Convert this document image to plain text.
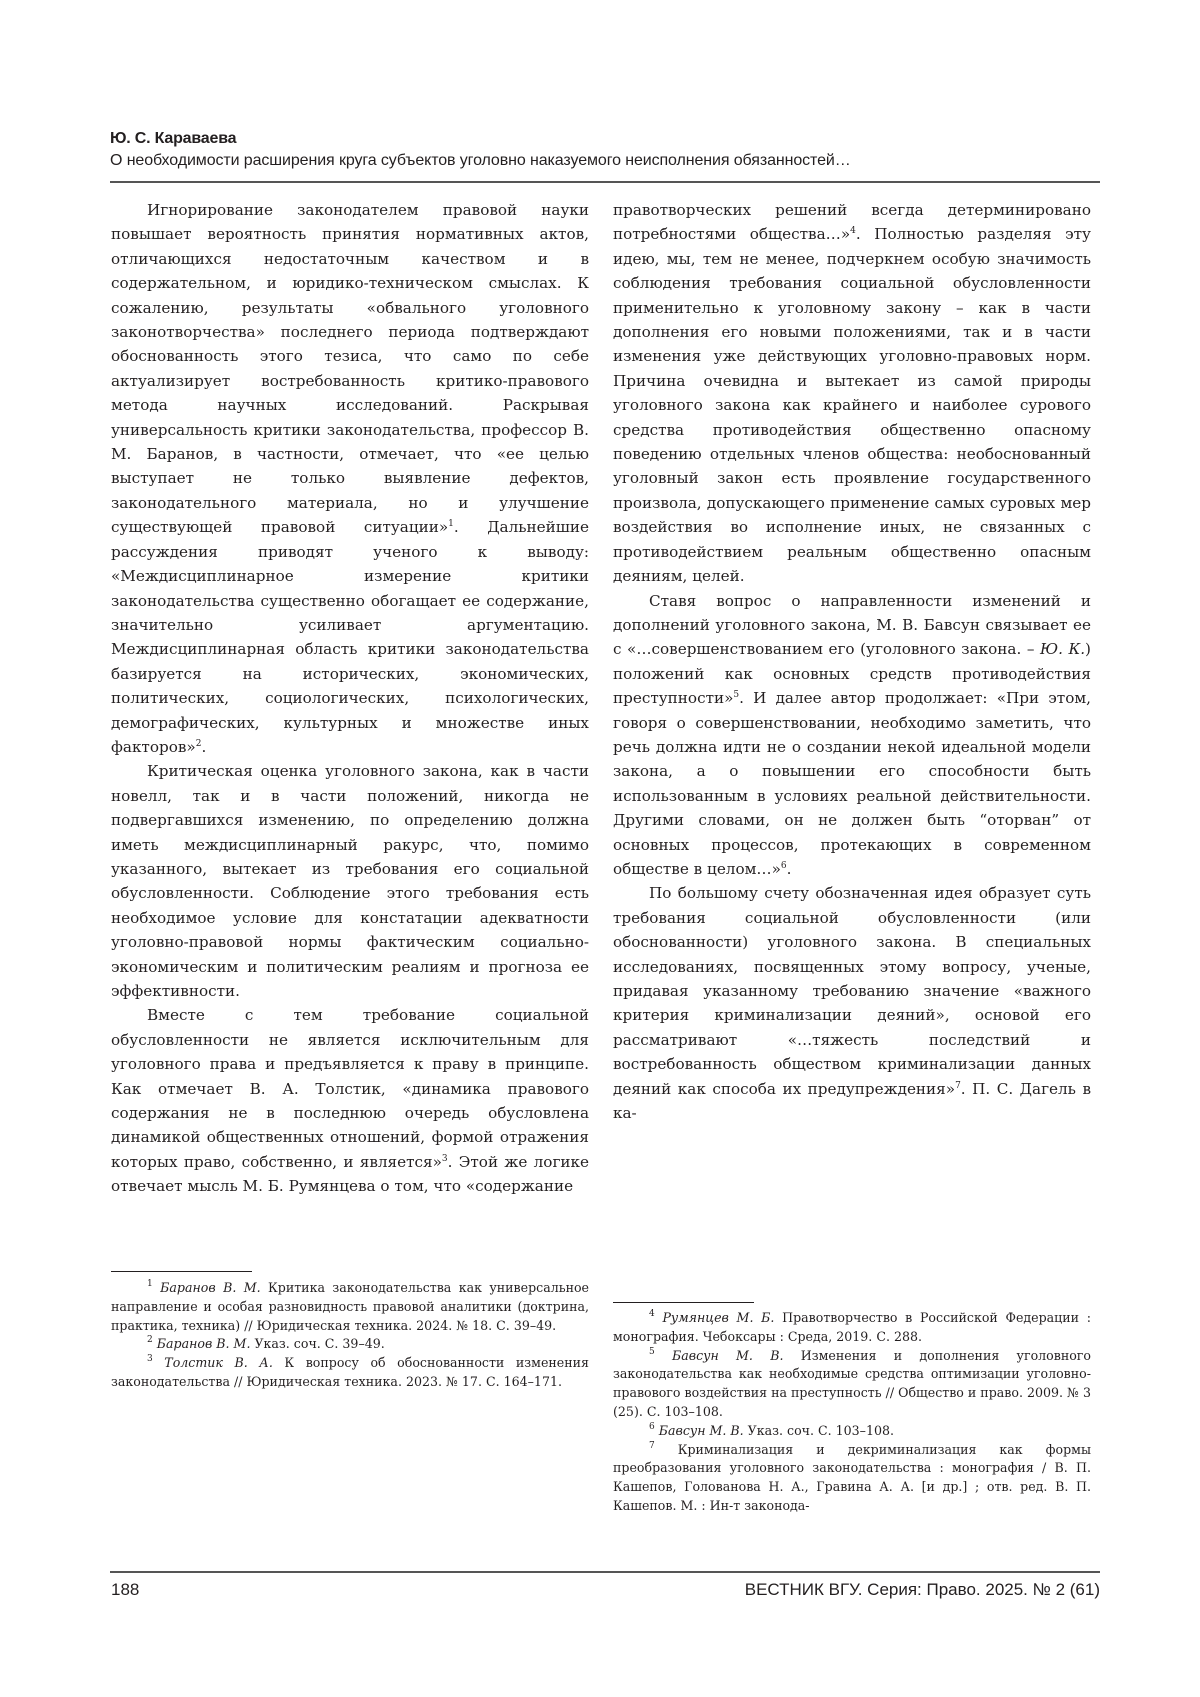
Ю. С. Караваева
О необходимости расширения круга субъектов уголовно наказуемого неисполнения обязанностей…

Игнорирование законодателем правовой науки повышает вероятность принятия нормативных актов, отличающихся недостаточным качеством и в содержательном, и юридико-техническом смыслах. К сожалению, результаты «обвального уголовного законотворчества» последнего периода подтверждают обоснованность этого тезиса, что само по себе актуализирует востребованность критико-правового метода научных исследований. Раскрывая универсальность критики законодательства, профессор В. М. Баранов, в частности, отмечает, что «ее целью выступает не только выявление дефектов, законодательного материала, но и улучшение существующей правовой ситуации»$^1$. Дальнейшие рассуждения приводят ученого к выводу: «Междисциплинарное измерение критики законодательства существенно обогащает ее содержание, значительно усиливает аргументацию. Междисциплинарная область критики законодательства базируется на исторических, экономических, политических, социологических, психологических, демографических, культурных и множестве иных факторов»$^2$.

Критическая оценка уголовного закона, как в части новелл, так и в части положений, никогда не подвергавшихся изменению, по определению должна иметь междисциплинарный ракурс, что, помимо указанного, вытекает из требования его социальной обусловленности. Соблюдение этого требования есть необходимое условие для констатации адекватности уголовно-правовой нормы фактическим социально-экономическим и политическим реалиям и прогноза ее эффективности.

Вместе с тем требование социальной обусловленности не является исключительным для уголовного права и предъявляется к праву в принципе. Как отмечает В. А. Толстик, «динамика правового содержания не в последнюю очередь обусловлена динамикой общественных отношений, формой отражения которых право, собственно, и является»$^3$. Этой же логике отвечает мысль М. Б. Румянцева о том, что «содержание

$^1$ Баранов В. М. Критика законодательства как универсальное направление и особая разновидность правовой аналитики (доктрина, практика, техника) // Юридическая техника. 2024. № 18. С. 39–49.

$^2$ Баранов В. М. Указ. соч. С. 39–49.

$^3$ Толстик В. А. К вопросу об обоснованности изменения законодательства // Юридическая техника. 2023. № 17. С. 164–171.

правотворческих решений всегда детерминировано потребностями общества…»$^4$. Полностью разделяя эту идею, мы, тем не менее, подчеркнем особую значимость соблюдения требования социальной обусловленности применительно к уголовному закону – как в части дополнения его новыми положениями, так и в части изменения уже действующих уголовно-правовых норм. Причина очевидна и вытекает из самой природы уголовного закона как крайнего и наиболее сурового средства противодействия общественно опасному поведению отдельных членов общества: необоснованный уголовный закон есть проявление государственного произвола, допускающего применение самых суровых мер воздействия во исполнение иных, не связанных с противодействием реальным общественно опасным деяниям, целей.

Ставя вопрос о направленности изменений и дополнений уголовного закона, М. В. Бавсун связывает ее с «…совершенствованием его (уголовного закона. – Ю. К.) положений как основных средств противодействия преступности»$^5$. И далее автор продолжает: «При этом, говоря о совершенствовании, необходимо заметить, что речь должна идти не о создании некой идеальной модели закона, а о повышении его способности быть использованным в условиях реальной действительности. Другими словами, он не должен быть “оторван” от основных процессов, протекающих в современном обществе в целом…»$^6$.

По большому счету обозначенная идея образует суть требования социальной обусловленности (или обоснованности) уголовного закона. В специальных исследованиях, посвященных этому вопросу, ученые, придавая указанному требованию значение «важного критерия криминализации деяний», основой его рассматривают «…тяжесть последствий и востребованность обществом криминализации данных деяний как способа их предупреждения»$^7$. П. С. Дагель в ка-

$^4$ Румянцев М. Б. Правотворчество в Российской Федерации : монография. Чебоксары : Среда, 2019. С. 288.

$^5$ Бавсун М. В. Изменения и дополнения уголовного законодательства как необходимые средства оптимизации уголовно-правового воздействия на преступность // Общество и право. 2009. № 3 (25). С. 103–108.

$^6$ Бавсун М. В. Указ. соч. С. 103–108.

$^7$ Криминализация и декриминализация как формы преобразования уголовного законодательства : монография / В. П. Кашепов, Голованова Н. А., Гравина А. А. [и др.] ; отв. ред. В. П. Кашепов. М. : Ин-т законода-

188	ВЕСТНИК ВГУ. Серия: Право. 2025. № 2 (61)
